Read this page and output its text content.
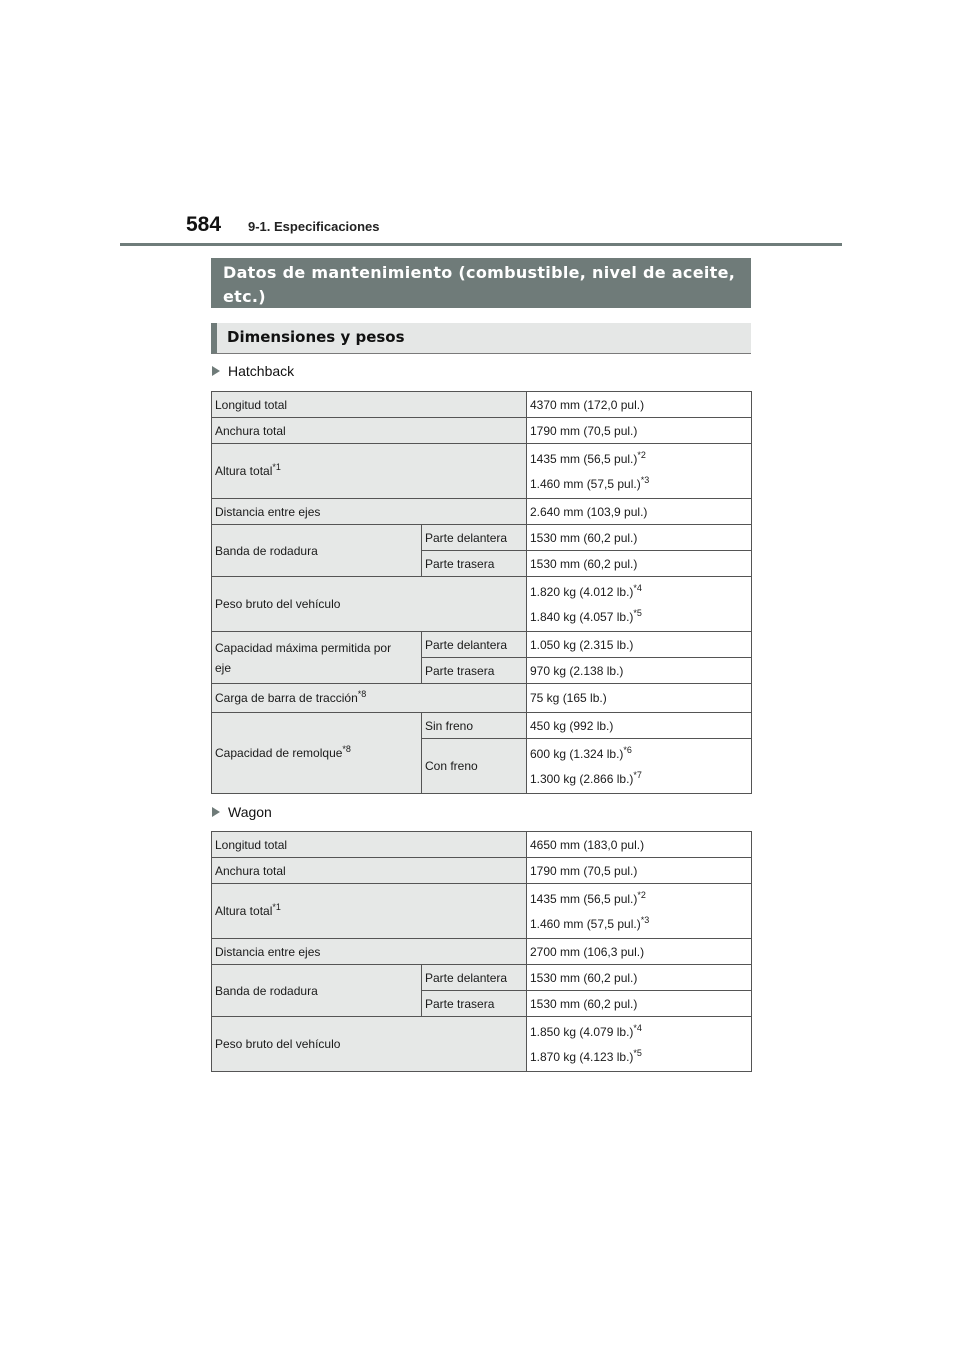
584 9-1. Especificaciones
Datos de mantenimiento (combustible, nivel de aceite,
etc.)
Dimensiones y pesos
Hatchback
Longitud total		4370 mm (172,0 pul.)
Anchura total		1790 mm (70,5 pul.)
Altura total$^{*1}$		1435 mm (56,5 pul.)$^{*2}$
1.460 mm (57,5 pul.)$^{*3}$

Distancia entre ejes		2.640 mm (103,9 pul.)
Banda de rodadura	Parte delantera	1530 mm (60,2 pul.)
	Parte trasera	1530 mm (60,2 pul.)
Peso bruto del vehículo		1.820 kg (4.012 lb.)$^{*4}$
1.840 kg (4.057 lb.)$^{*5}$

Capacidad máxima permitida por
eje	Parte delantera	1.050 kg (2.315 lb.)
	Parte trasera	970 kg (2.138 lb.)
Carga de barra de tracción$^{*8}$		75 kg (165 lb.)
Capacidad de remolque$^{*8}$	Sin freno	450 kg (992 lb.)
	Con freno	600 kg (1.324 lb.)$^{*6}$
1.300 kg (2.866 lb.)$^{*7}$
Wagon
Longitud total		4650 mm (183,0 pul.)
Anchura total		1790 mm (70,5 pul.)
Altura total$^{*1}$		1435 mm (56,5 pul.)$^{*2}$
1.460 mm (57,5 pul.)$^{*3}$

Distancia entre ejes		2700 mm (106,3 pul.)
Banda de rodadura	Parte delantera	1530 mm (60,2 pul.)
	Parte trasera	1530 mm (60,2 pul.)
Peso bruto del vehículo		1.850 kg (4.079 lb.)$^{*4}$
1.870 kg (4.123 lb.)$^{*5}$
